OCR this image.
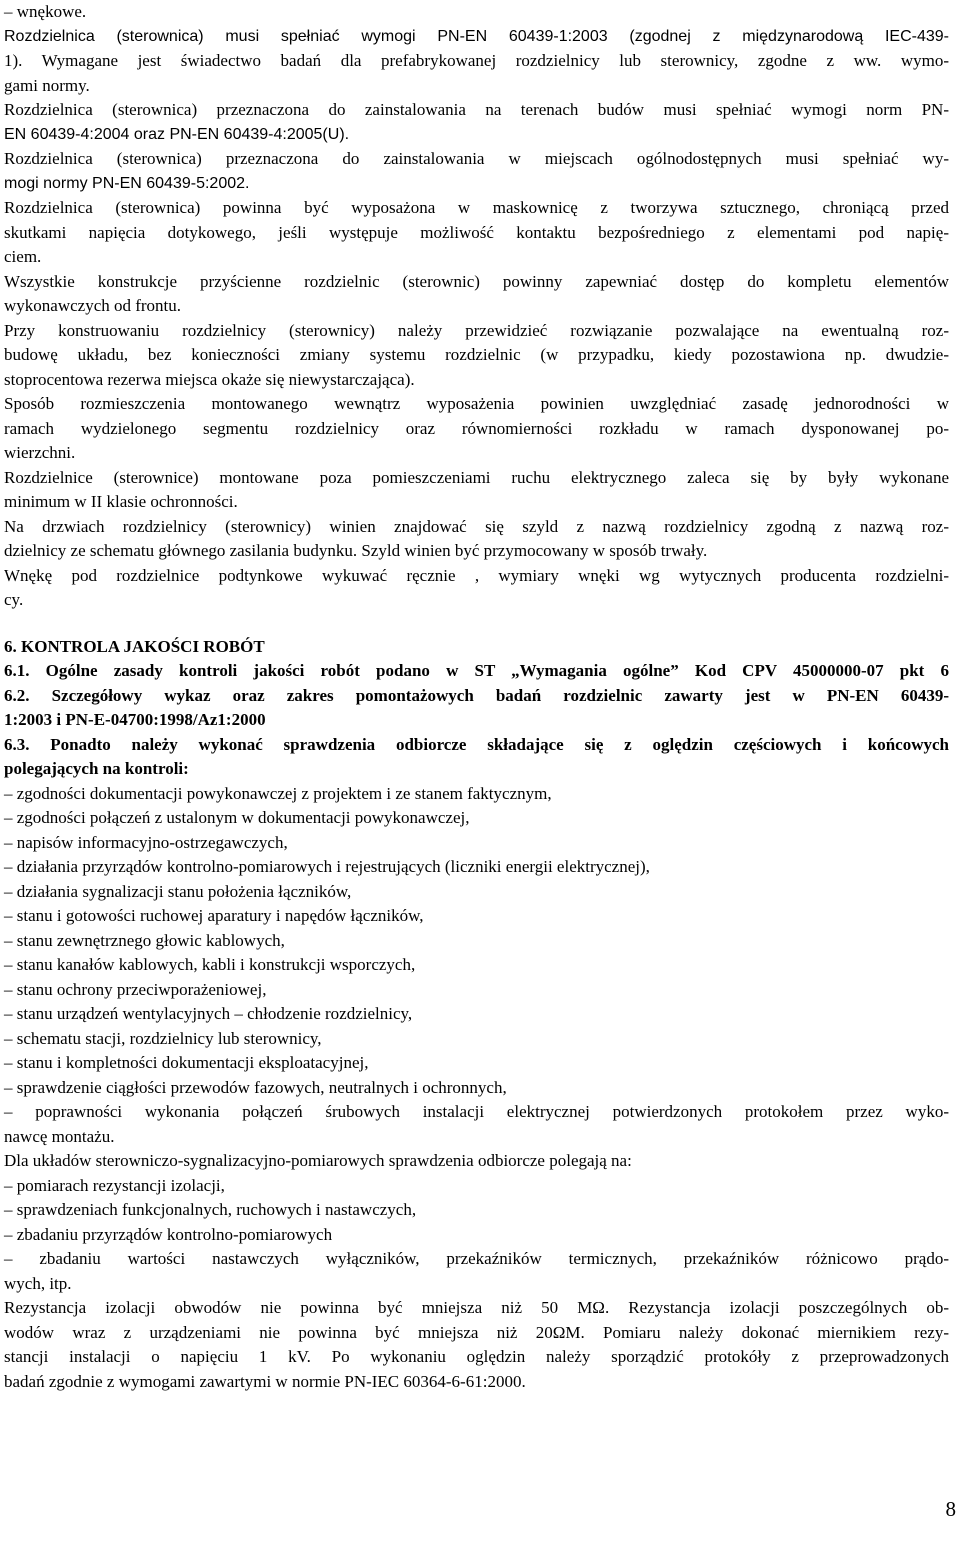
– wnękowe.
Rozdzielnica (sterownica) musi spełniać wymogi PN-EN 60439-1:2003 (zgodnej z międzynarodową IEC-439-
1). Wymagane jest świadectwo badań dla prefabrykowanej rozdzielnicy lub sterownicy, zgodne z ww. wymo-
gami normy.
Rozdzielnica (sterownica) przeznaczona do zainstalowania na terenach budów musi spełniać wymogi norm PN-
EN 60439-4:2004 oraz PN-EN 60439-4:2005(U).
Rozdzielnica (sterownica) przeznaczona do zainstalowania w miejscach ogólnodostępnych musi spełniać wy-
mogi normy PN-EN 60439-5:2002.
Rozdzielnica (sterownica) powinna być wyposażona w maskownicę z tworzywa sztucznego, chroniącą przed
skutkami napięcia dotykowego, jeśli występuje możliwość kontaktu bezpośredniego z elementami pod napię-
ciem.
Wszystkie konstrukcje przyścienne rozdzielnic (sterownic) powinny zapewniać dostęp do kompletu elementów
wykonawczych od frontu.
Przy konstruowaniu rozdzielnicy (sterownicy) należy przewidzieć rozwiązanie pozwalające na ewentualną roz-
budowę układu, bez konieczności zmiany systemu rozdzielnic (w przypadku, kiedy pozostawiona np. dwudzie-
stoprocentowa rezerwa miejsca okaże się niewystarczająca).
Sposób rozmieszczenia montowanego wewnątrz wyposażenia powinien uwzględniać zasadę jednorodności w
ramach wydzielonego segmentu rozdzielnicy oraz równomierności rozkładu w ramach dysponowanej po-
wierzchni.
Rozdzielnice (sterownice) montowane poza pomieszczeniami ruchu elektrycznego zaleca się by były wykonane
minimum w II klasie ochronności.
Na drzwiach rozdzielnicy (sterownicy) winien znajdować się szyld z nazwą rozdzielnicy zgodną z nazwą roz-
dzielnicy ze schematu głównego zasilania budynku. Szyld winien być przymocowany w sposób trwały.
Wnękę pod rozdzielnice podtynkowe wykuwać ręcznie , wymiary wnęki wg wytycznych producenta rozdzielni-
cy.
6. KONTROLA JAKOŚCI ROBÓT
6.1. Ogólne zasady kontroli jakości robót podano w ST „Wymagania ogólne” Kod CPV 45000000-07 pkt 6
6.2. Szczegółowy wykaz oraz zakres pomontażowych badań rozdzielnic zawarty jest w PN-EN 60439-
1:2003 i PN-E-04700:1998/Az1:2000
6.3. Ponadto należy wykonać sprawdzenia odbiorcze składające się z oględzin częściowych i końcowych
polegających na kontroli:
– zgodności dokumentacji powykonawczej z projektem i ze stanem faktycznym,
– zgodności połączeń z ustalonym w dokumentacji powykonawczej,
– napisów informacyjno-ostrzegawczych,
– działania przyrządów kontrolno-pomiarowych i rejestrujących (liczniki energii elektrycznej),
– działania sygnalizacji stanu położenia łączników,
– stanu i gotowości ruchowej aparatury i napędów łączników,
– stanu zewnętrznego głowic kablowych,
– stanu kanałów kablowych, kabli i konstrukcji wsporczych,
– stanu ochrony przeciwporażeniowej,
– stanu urządzeń wentylacyjnych – chłodzenie rozdzielnicy,
– schematu stacji, rozdzielnicy lub sterownicy,
– stanu i kompletności dokumentacji eksploatacyjnej,
– sprawdzenie ciągłości przewodów fazowych, neutralnych i ochronnych,
– poprawności wykonania połączeń śrubowych instalacji elektrycznej potwierdzonych protokołem przez wyko-
nawcę montażu.
Dla układów sterowniczo-sygnalizacyjno-pomiarowych sprawdzenia odbiorcze polegają na:
– pomiarach rezystancji izolacji,
– sprawdzeniach funkcjonalnych, ruchowych i nastawczych,
– zbadaniu przyrządów kontrolno-pomiarowych
– zbadaniu wartości nastawczych wyłączników, przekaźników termicznych, przekaźników różnicowo prądo-
wych, itp.
Rezystancja izolacji obwodów nie powinna być mniejsza niż 50 MΩ. Rezystancja izolacji poszczególnych ob-
wodów wraz z urządzeniami nie powinna być mniejsza niż 20ΩM. Pomiaru należy dokonać miernikiem rezy-
stancji instalacji o napięciu 1 kV. Po wykonaniu oględzin należy sporządzić protokóły z przeprowadzonych
badań zgodnie z wymogami zawartymi w normie PN-IEC 60364-6-61:2000.
8
